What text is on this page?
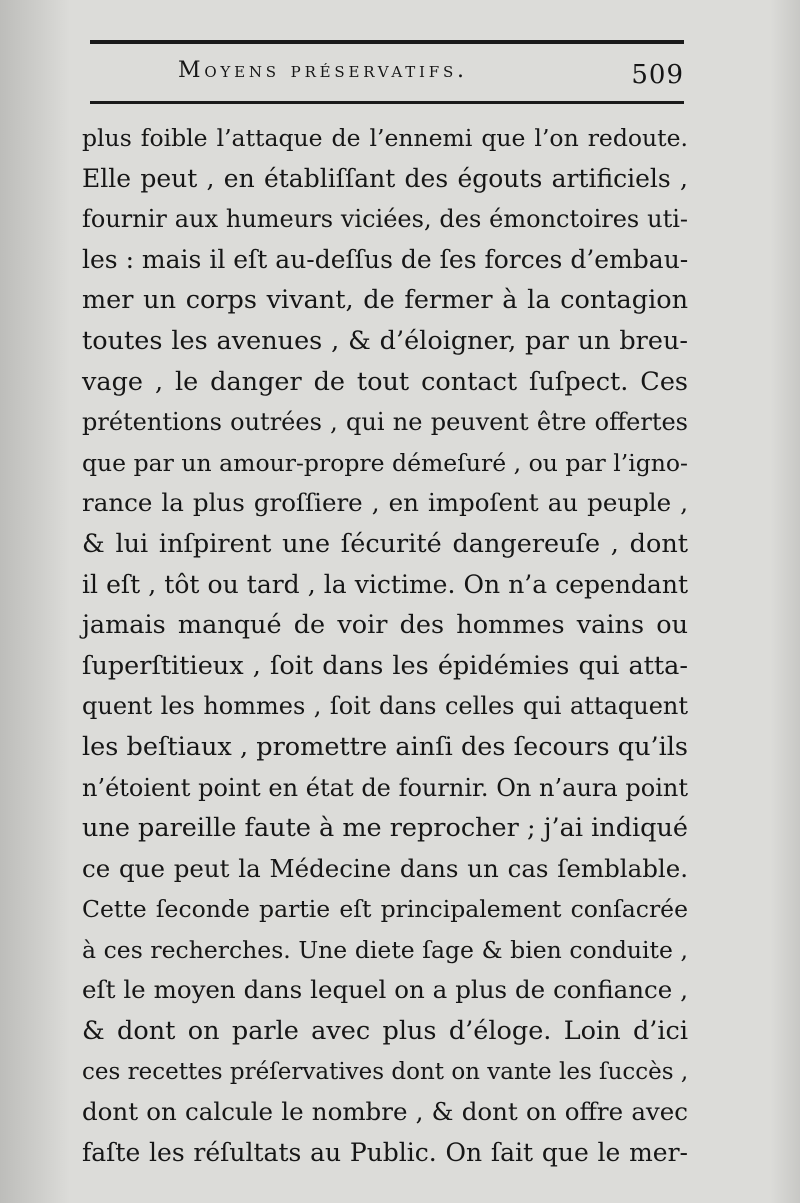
Moyens préservatifs.	509
plus foible l’attaque de l’ennemi que l’on redoute.
Elle peut , en établiſſant des égouts artificiels ,
fournir aux humeurs viciées, des émonctoires uti-
les : mais il eſt au-deſſus de ſes forces d’embau-
mer un corps vivant, de fermer à la contagion
toutes les avenues , & d’éloigner, par un breu-
vage , le danger de tout contact ſuſpect. Ces
prétentions outrées , qui ne peuvent être offertes
que par un amour-propre démeſuré , ou par l’igno-
rance la plus groſſiere , en impoſent au peuple ,
& lui inſpirent une ſécurité dangereuſe , dont
il eſt , tôt ou tard , la victime. On n’a cependant
jamais manqué de voir des hommes vains ou
ſuperſtitieux , ſoit dans les épidémies qui atta-
quent les hommes , ſoit dans celles qui attaquent
les beſtiaux , promettre ainſi des ſecours qu’ils
n’étoient point en état de fournir. On n’aura point
une pareille faute à me reprocher ; j’ai indiqué
ce que peut la Médecine dans un cas ſemblable.
Cette ſeconde partie eſt principalement conſacrée
à ces recherches. Une diete ſage & bien conduite ,
eſt le moyen dans lequel on a plus de confiance ,
& dont on parle avec plus d’éloge. Loin d’ici
ces recettes préſervatives dont on vante les ſuccès ,
dont on calcule le nombre , & dont on offre avec
faſte les réſultats au Public. On ſait que le mer-
